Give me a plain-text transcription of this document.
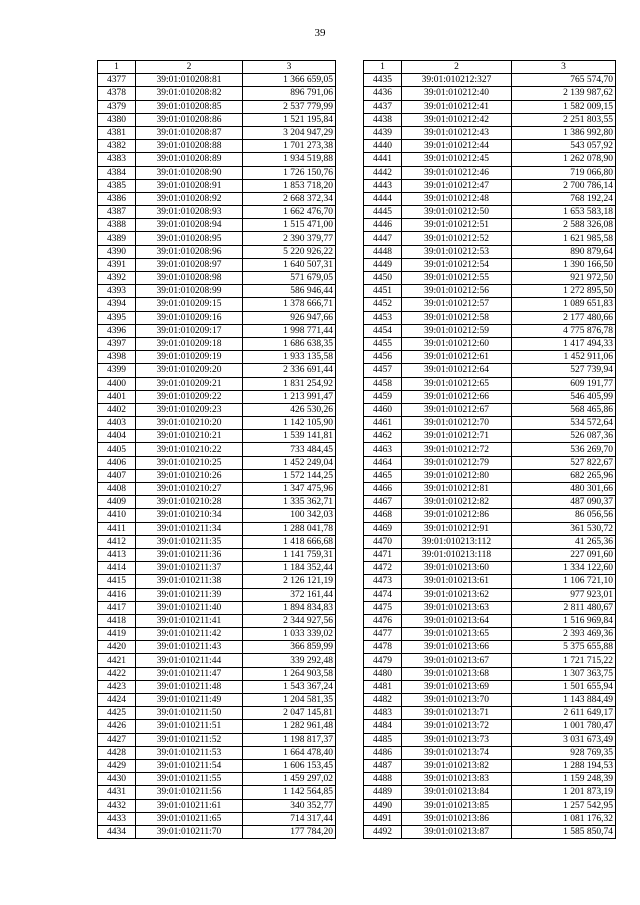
39
1	2	3
4377	39:01:010208:81	1 366 659,05
4378	39:01:010208:82	896 791,06
4379	39:01:010208:85	2 537 779,99
4380	39:01:010208:86	1 521 195,84
4381	39:01:010208:87	3 204 947,29
4382	39:01:010208:88	1 701 273,38
4383	39:01:010208:89	1 934 519,88
4384	39:01:010208:90	1 726 150,76
4385	39:01:010208:91	1 853 718,20
4386	39:01:010208:92	2 668 372,34
4387	39:01:010208:93	1 662 476,70
4388	39:01:010208:94	1 515 471,00
4389	39:01:010208:95	2 390 379,77
4390	39:01:010208:96	5 220 926,22
4391	39:01:010208:97	1 640 507,31
4392	39:01:010208:98	571 679,05
4393	39:01:010208:99	586 946,44
4394	39:01:010209:15	1 378 666,71
4395	39:01:010209:16	926 947,66
4396	39:01:010209:17	1 998 771,44
4397	39:01:010209:18	1 686 638,35
4398	39:01:010209:19	1 933 135,58
4399	39:01:010209:20	2 336 691,44
4400	39:01:010209:21	1 831 254,92
4401	39:01:010209:22	1 213 991,47
4402	39:01:010209:23	426 530,26
4403	39:01:010210:20	1 142 105,90
4404	39:01:010210:21	1 539 141,81
4405	39:01:010210:22	733 484,45
4406	39:01:010210:25	1 452 249,04
4407	39:01:010210:26	1 572 144,25
4408	39:01:010210:27	1 347 475,96
4409	39:01:010210:28	1 335 362,71
4410	39:01:010210:34	100 342,03
4411	39:01:010211:34	1 288 041,78
4412	39:01:010211:35	1 418 666,68
4413	39:01:010211:36	1 141 759,31
4414	39:01:010211:37	1 184 352,44
4415	39:01:010211:38	2 126 121,19
4416	39:01:010211:39	372 161,44
4417	39:01:010211:40	1 894 834,83
4418	39:01:010211:41	2 344 927,56
4419	39:01:010211:42	1 033 339,02
4420	39:01:010211:43	366 859,99
4421	39:01:010211:44	339 292,48
4422	39:01:010211:47	1 264 903,58
4423	39:01:010211:48	1 543 367,24
4424	39:01:010211:49	1 204 581,35
4425	39:01:010211:50	2 047 145,81
4426	39:01:010211:51	1 282 961,48
4427	39:01:010211:52	1 198 817,37
4428	39:01:010211:53	1 664 478,40
4429	39:01:010211:54	1 606 153,45
4430	39:01:010211:55	1 459 297,02
4431	39:01:010211:56	1 142 564,85
4432	39:01:010211:61	340 352,77
4433	39:01:010211:65	714 317,44
4434	39:01:010211:70	177 784,20
1	2	3
4435	39:01:010212:327	765 574,70
4436	39:01:010212:40	2 139 987,62
4437	39:01:010212:41	1 582 009,15
4438	39:01:010212:42	2 251 803,55
4439	39:01:010212:43	1 386 992,80
4440	39:01:010212:44	543 057,92
4441	39:01:010212:45	1 262 078,90
4442	39:01:010212:46	719 066,80
4443	39:01:010212:47	2 700 786,14
4444	39:01:010212:48	768 192,24
4445	39:01:010212:50	1 653 583,18
4446	39:01:010212:51	2 588 326,08
4447	39:01:010212:52	1 621 985,58
4448	39:01:010212:53	890 879,64
4449	39:01:010212:54	1 390 166,50
4450	39:01:010212:55	921 972,50
4451	39:01:010212:56	1 272 895,50
4452	39:01:010212:57	1 089 651,83
4453	39:01:010212:58	2 177 480,66
4454	39:01:010212:59	4 775 876,78
4455	39:01:010212:60	1 417 494,33
4456	39:01:010212:61	1 452 911,06
4457	39:01:010212:64	527 739,94
4458	39:01:010212:65	609 191,77
4459	39:01:010212:66	546 405,99
4460	39:01:010212:67	568 465,86
4461	39:01:010212:70	534 572,64
4462	39:01:010212:71	526 087,36
4463	39:01:010212:72	536 269,70
4464	39:01:010212:79	527 822,67
4465	39:01:010212:80	682 265,96
4466	39:01:010212:81	480 301,66
4467	39:01:010212:82	487 090,37
4468	39:01:010212:86	86 056,56
4469	39:01:010212:91	361 530,72
4470	39:01:010213:112	41 265,36
4471	39:01:010213:118	227 091,60
4472	39:01:010213:60	1 334 122,60
4473	39:01:010213:61	1 106 721,10
4474	39:01:010213:62	977 923,01
4475	39:01:010213:63	2 811 480,67
4476	39:01:010213:64	1 516 969,84
4477	39:01:010213:65	2 393 469,36
4478	39:01:010213:66	5 375 655,88
4479	39:01:010213:67	1 721 715,22
4480	39:01:010213:68	1 307 363,75
4481	39:01:010213:69	1 501 655,94
4482	39:01:010213:70	1 143 884,49
4483	39:01:010213:71	2 611 649,17
4484	39:01:010213:72	1 001 780,47
4485	39:01:010213:73	3 031 673,49
4486	39:01:010213:74	928 769,35
4487	39:01:010213:82	1 288 194,53
4488	39:01:010213:83	1 159 248,39
4489	39:01:010213:84	1 201 873,19
4490	39:01:010213:85	1 257 542,95
4491	39:01:010213:86	1 081 176,32
4492	39:01:010213:87	1 585 850,74
